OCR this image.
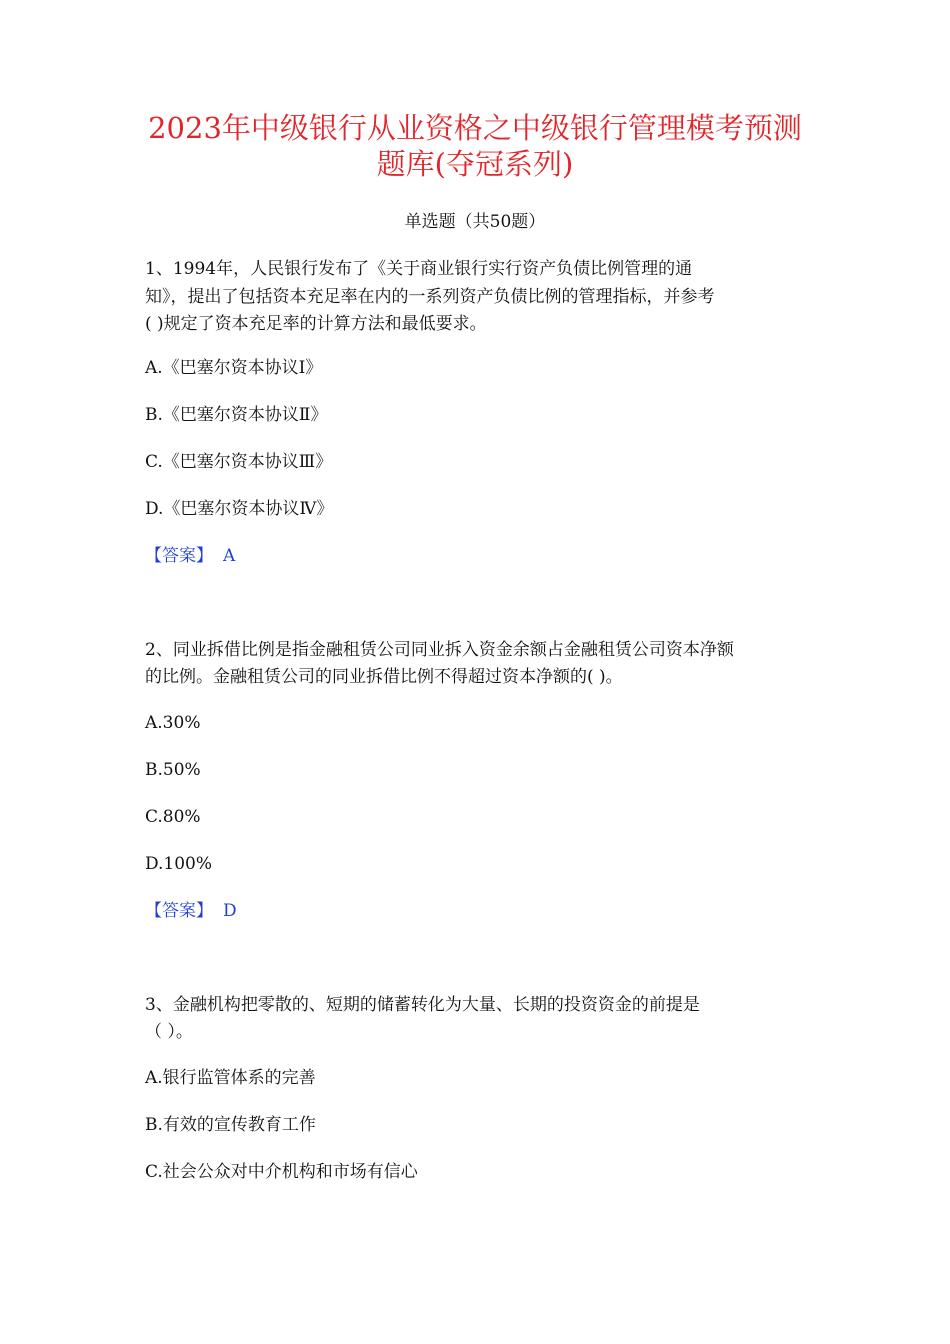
2023年中级银行从业资格之中级银行管理模考预测
题库(夺冠系列)
单选题（共50题）
1、1994年，人民银行发布了《关于商业银行实行资产负债比例管理的通
知》，提出了包括资本充足率在内的一系列资产负债比例的管理指标，并参考
( )规定了资本充足率的计算方法和最低要求。
A.《巴塞尔资本协议Ⅰ》
B.《巴塞尔资本协议Ⅱ》
C.《巴塞尔资本协议Ⅲ》
D.《巴塞尔资本协议Ⅳ》
【答案】 A
2、同业拆借比例是指金融租赁公司同业拆入资金余额占金融租赁公司资本净额
的比例。金融租赁公司的同业拆借比例不得超过资本净额的( )。
A.30%
B.50%
C.80%
D.100%
【答案】 D
3、金融机构把零散的、短期的储蓄转化为大量、长期的投资资金的前提是
（ ）。
A.银行监管体系的完善
B.有效的宣传教育工作
C.社会公众对中介机构和市场有信心
